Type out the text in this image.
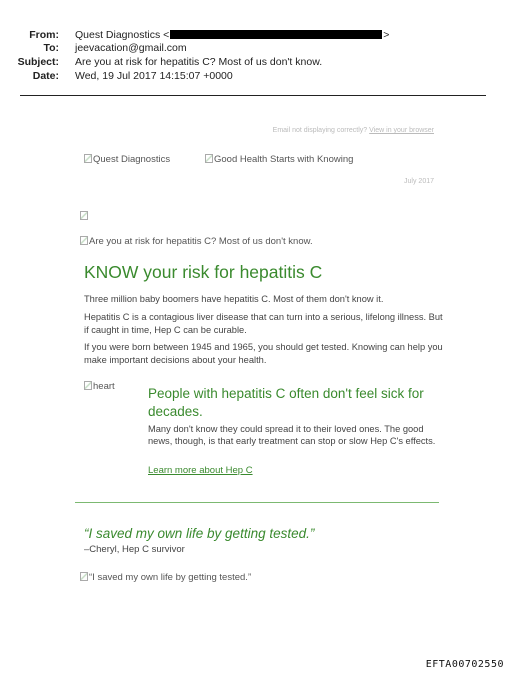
From: Quest Diagnostics <	>
To: jeevacation@gmail.com
Subject: Are you at risk for hepatitis C? Most of us don't know.
Date: Wed, 19 Jul 2017 14:15:07 +0000
Email not displaying correctly? View in your browser
Quest Diagnostics	Good Health Starts with Knowing
July 2017
Are you at risk for hepatitis C? Most of us don't know.
KNOW your risk for hepatitis C

Three million baby boomers have hepatitis C. Most of them don't know it.

Hepatitis C is a contagious liver disease that can turn into a serious, lifelong illness. But if caught in time, Hep C can be curable.

If you were born between 1945 and 1965, you should get tested. Knowing can help you make important decisions about your health.

heart People with hepatitis C often don't feel sick for decades.

Many don't know they could spread it to their loved ones. The good news, though, is that early treatment can stop or slow Hep C's effects.

Learn more about Hep C
“I saved my own life by getting tested.”
–Cheryl, Hep C survivor
“I saved my own life by getting tested.”
EFTA00702550
